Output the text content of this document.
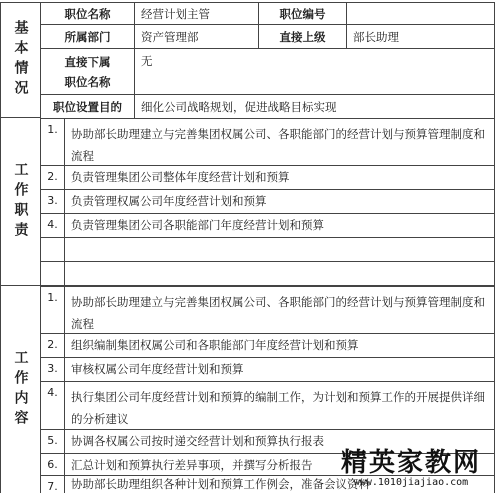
基本情况
职位名称	经营计划主管	职位编号	
所属部门	资产管理部	直接上级	部长助理

直接下属
职位名称	无		
职位设置目的	细化公司战略规划，促进战略目标实现		
工作职责
1.	协助部长助理建立与完善集团权属公司、各职能部门的经营计划与预算管理制度和流程
2.	负责管理集团公司整体年度经营计划和预算
3.	负责管理权属公司年度经营计划和预算
4.	负责管理集团公司各职能部门年度经营计划和预算
工作内容
1.	协助部长助理建立与完善集团权属公司、各职能部门的经营计划与预算管理制度和流程
2.	组织编制集团权属公司和各职能部门年度经营计划和预算
3.	审核权属公司年度经营计划和预算
4.	执行集团公司年度经营计划和预算的编制工作，为计划和预算工作的开展提供详细的分析建议
5.	协调各权属公司按时递交经营计划和预算执行报表
6.	汇总计划和预算执行差异事项，并撰写分析报告
7.	协助部长助理组织各种计划和预算工作例会，准备会议资料
精英家教网
www.1010jiajiao.com
